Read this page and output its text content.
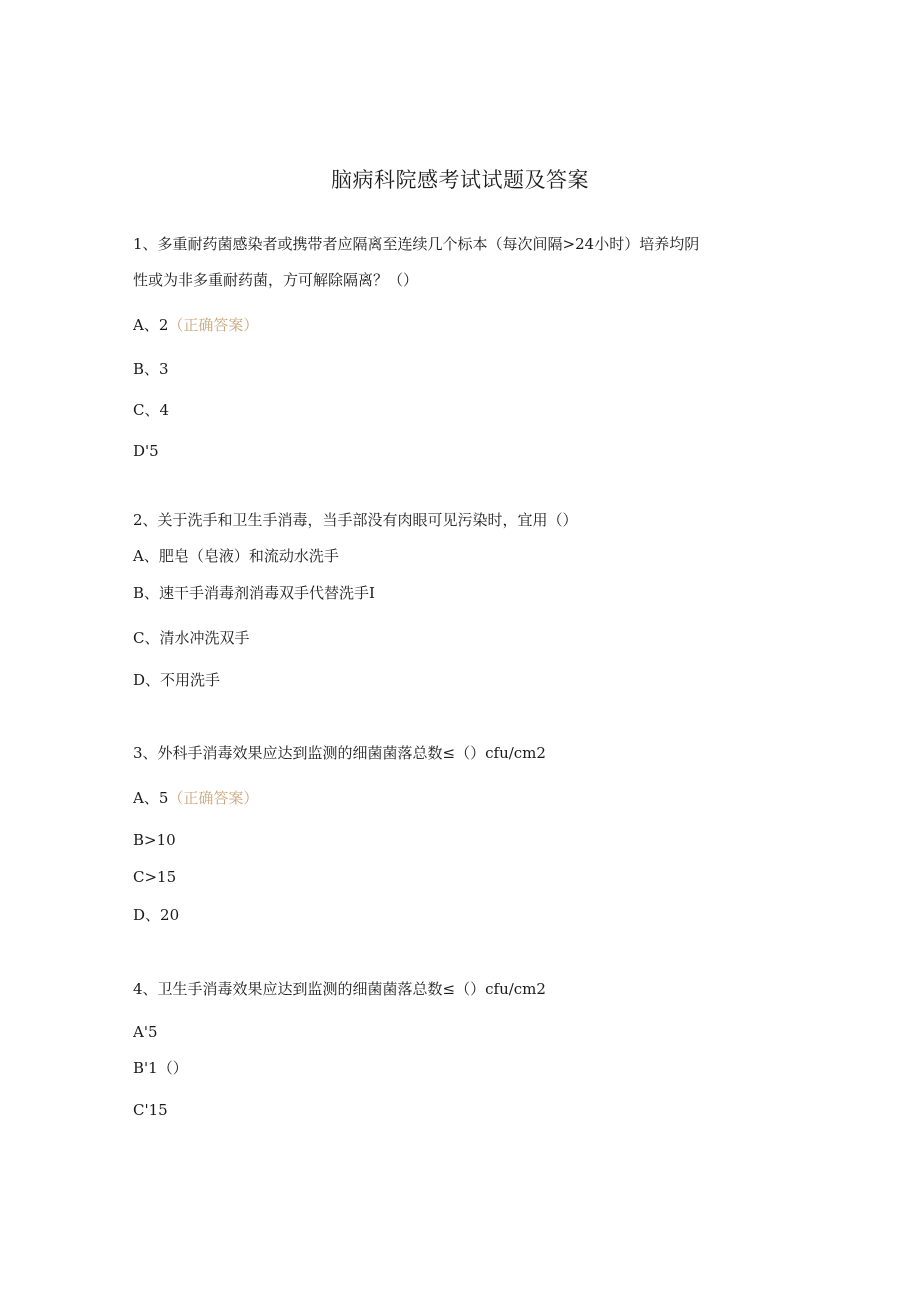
脑病科院感考试试题及答案
1、多重耐药菌感染者或携带者应隔离至连续几个标本（每次间隔>24小时）培养均阴
性或为非多重耐药菌，方可解除隔离？（）
A、2（正确答案）
B、3
C、4
D'5
2、关于洗手和卫生手消毒，当手部没有肉眼可见污染时，宜用（）
A、肥皂（皂液）和流动水洗手
B、速干手消毒剂消毒双手代替洗手I
C、清水冲洗双手
D、不用洗手
3、外科手消毒效果应达到监测的细菌菌落总数≤（）cfu∕cm2
A、5（正确答案）
B>10
C>15
D、20
4、卫生手消毒效果应达到监测的细菌菌落总数≤（）cfu∕cm2
A'5
B'1（）
C'15
